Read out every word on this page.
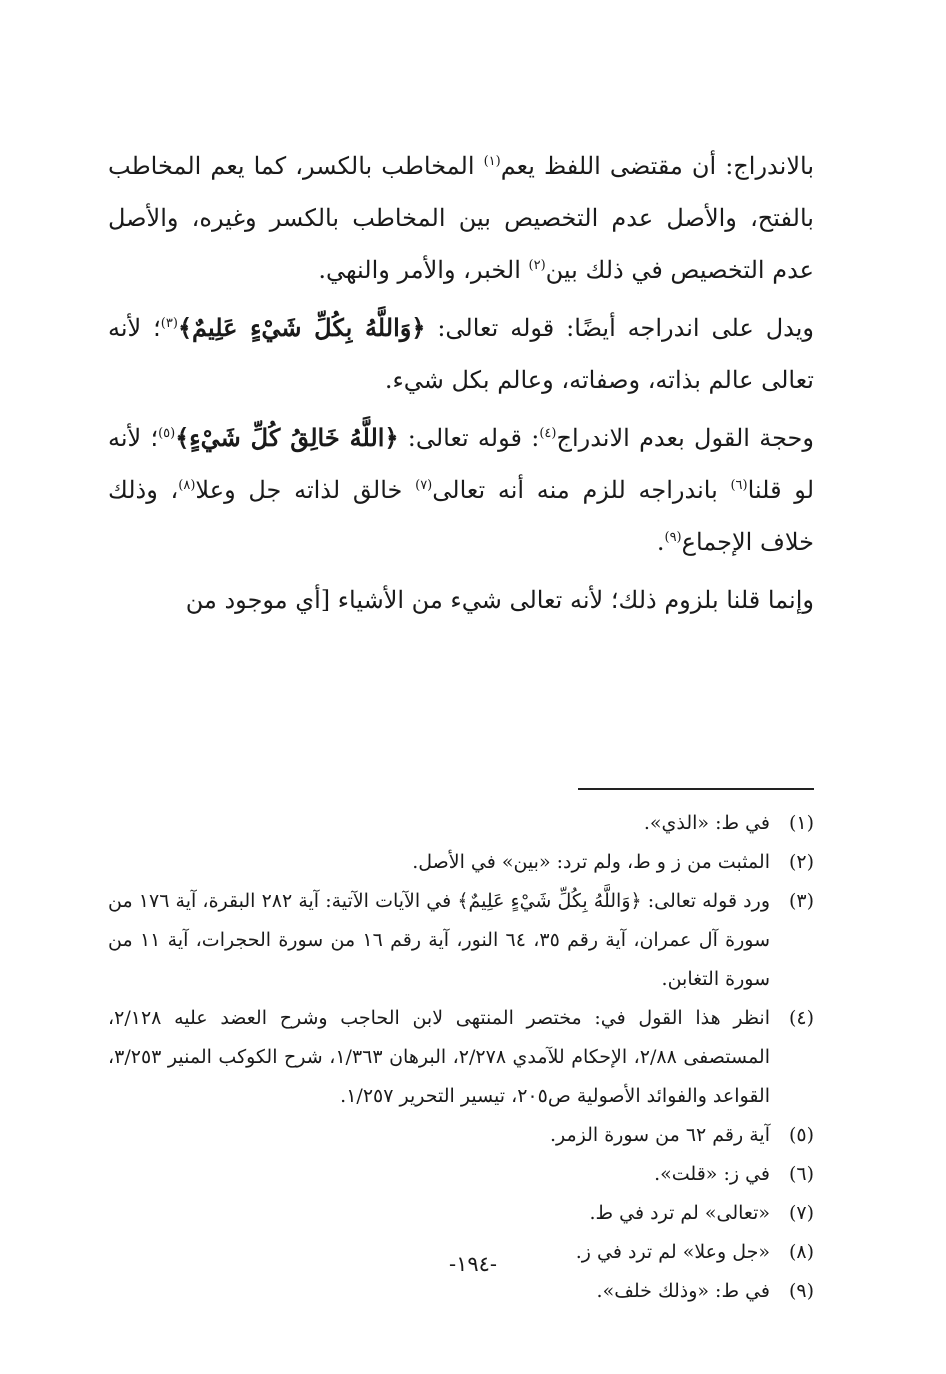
بالاندراج: أن مقتضى اللفظ يعم$^{(١)}$ المخاطب بالكسر، كما يعم المخاطب بالفتح، والأصل عدم التخصيص بين المخاطب بالكسر وغيره، والأصل عدم التخصيص في ذلك بين$^{(٢)}$ الخبر، والأمر والنهي.

ويدل على اندراجه أيضًا: قوله تعالى: ﴿وَاللَّهُ بِكُلِّ شَيْءٍ عَلِيمٌ﴾$^{(٣)}$؛ لأنه تعالى عالم بذاته، وصفاته، وعالم بكل شيء.

وحجة القول بعدم الاندراج$^{(٤)}$: قوله تعالى: ﴿اللَّهُ خَالِقُ كُلِّ شَيْءٍ﴾$^{(٥)}$؛ لأنه لو قلنا$^{(٦)}$ باندراجه للزم منه أنه تعالى$^{(٧)}$ خالق لذاته جل وعلا$^{(٨)}$، وذلك خلاف الإجماع$^{(٩)}$.

وإنما قلنا بلزوم ذلك؛ لأنه تعالى شيء من الأشياء [أي موجود من

(١)
في ط: «الذي».
(٢)
المثبت من ز و ط، ولم ترد: «بين» في الأصل.
(٣)
ورد قوله تعالى: ﴿وَاللَّهُ بِكُلِّ شَيْءٍ عَلِيمٌ﴾ في الآيات الآتية: آية ٢٨٢ البقرة، آية ١٧٦ من سورة آل عمران، آية رقم ٣٥، ٦٤ النور، آية رقم ١٦ من سورة الحجرات، آية ١١ من سورة التغابن.
(٤)
انظر هذا القول في: مختصر المنتهى لابن الحاجب وشرح العضد عليه ٢/١٢٨، المستصفى ٢/٨٨، الإحكام للآمدي ٢/٢٧٨، البرهان ١/٣٦٣، شرح الكوكب المنير ٣/٢٥٣، القواعد والفوائد الأصولية ص٢٠٥، تيسير التحرير ١/٢٥٧.
(٥)
آية رقم ٦٢ من سورة الزمر.
(٦)
في ز: «قلت».
(٧)
«تعالى» لم ترد في ط.
(٨)
«جل وعلا» لم ترد في ز.
(٩)
في ط: «وذلك خلف».
-١٩٤-
